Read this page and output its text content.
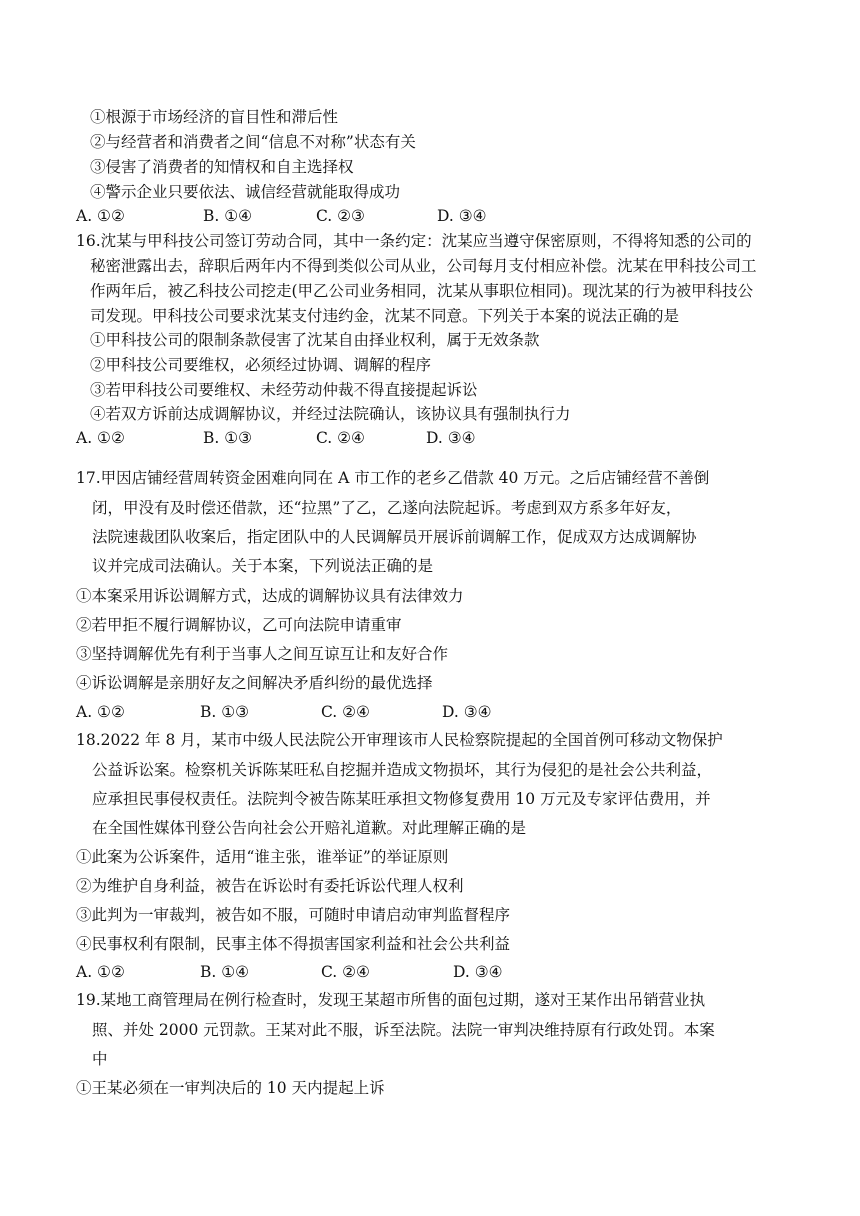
①根源于市场经济的盲目性和滞后性
②与经营者和消费者之间“信息不对称”状态有关
③侵害了消费者的知情权和自主选择权
④警示企业只要依法、诚信经营就能取得成功
A. ①②	B. ①④	C. ②③	D. ③④
16.沈某与甲科技公司签订劳动合同，其中一条约定：沈某应当遵守保密原则，不得将知悉的公司的
秘密泄露出去，辞职后两年内不得到类似公司从业，公司每月支付相应补偿。沈某在甲科技公司工
作两年后，被乙科技公司挖走(甲乙公司业务相同，沈某从事职位相同)。现沈某的行为被甲科技公
司发现。甲科技公司要求沈某支付违约金，沈某不同意。下列关于本案的说法正确的是
①甲科技公司的限制条款侵害了沈某自由择业权利，属于无效条款
②甲科技公司要维权，必须经过协调、调解的程序
③若甲科技公司要维权、未经劳动仲裁不得直接提起诉讼
④若双方诉前达成调解协议，并经过法院确认，该协议具有强制执行力
A. ①②	B. ①③	C. ②④	D. ③④
17.甲因店铺经营周转资金困难向同在 A 市工作的老乡乙借款 40 万元。之后店铺经营不善倒
闭，甲没有及时偿还借款，还“拉黑”了乙，乙遂向法院起诉。考虑到双方系多年好友，
法院速裁团队收案后，指定团队中的人民调解员开展诉前调解工作，促成双方达成调解协
议并完成司法确认。关于本案，下列说法正确的是
①本案采用诉讼调解方式，达成的调解协议具有法律效力
②若甲拒不履行调解协议，乙可向法院申请重审
③坚持调解优先有利于当事人之间互谅互让和友好合作
④诉讼调解是亲朋好友之间解决矛盾纠纷的最优选择
A. ①②	B. ①③	C. ②④	D. ③④
18.2022 年 8 月，某市中级人民法院公开审理该市人民检察院提起的全国首例可移动文物保护
公益诉讼案。检察机关诉陈某旺私自挖掘并造成文物损坏，其行为侵犯的是社会公共利益，
应承担民事侵权责任。法院判令被告陈某旺承担文物修复费用 10 万元及专家评估费用，并
在全国性媒体刊登公告向社会公开赔礼道歉。对此理解正确的是
①此案为公诉案件，适用“谁主张，谁举证”的举证原则
②为维护自身利益，被告在诉讼时有委托诉讼代理人权利
③此判为一审裁判，被告如不服，可随时申请启动审判监督程序
④民事权利有限制，民事主体不得损害国家利益和社会公共利益
A. ①②	B. ①④	C. ②④	D. ③④
19.某地工商管理局在例行检查时，发现王某超市所售的面包过期，遂对王某作出吊销营业执
照、并处 2000 元罚款。王某对此不服，诉至法院。法院一审判决维持原有行政处罚。本案
中
①王某必须在一审判决后的 10 天内提起上诉
